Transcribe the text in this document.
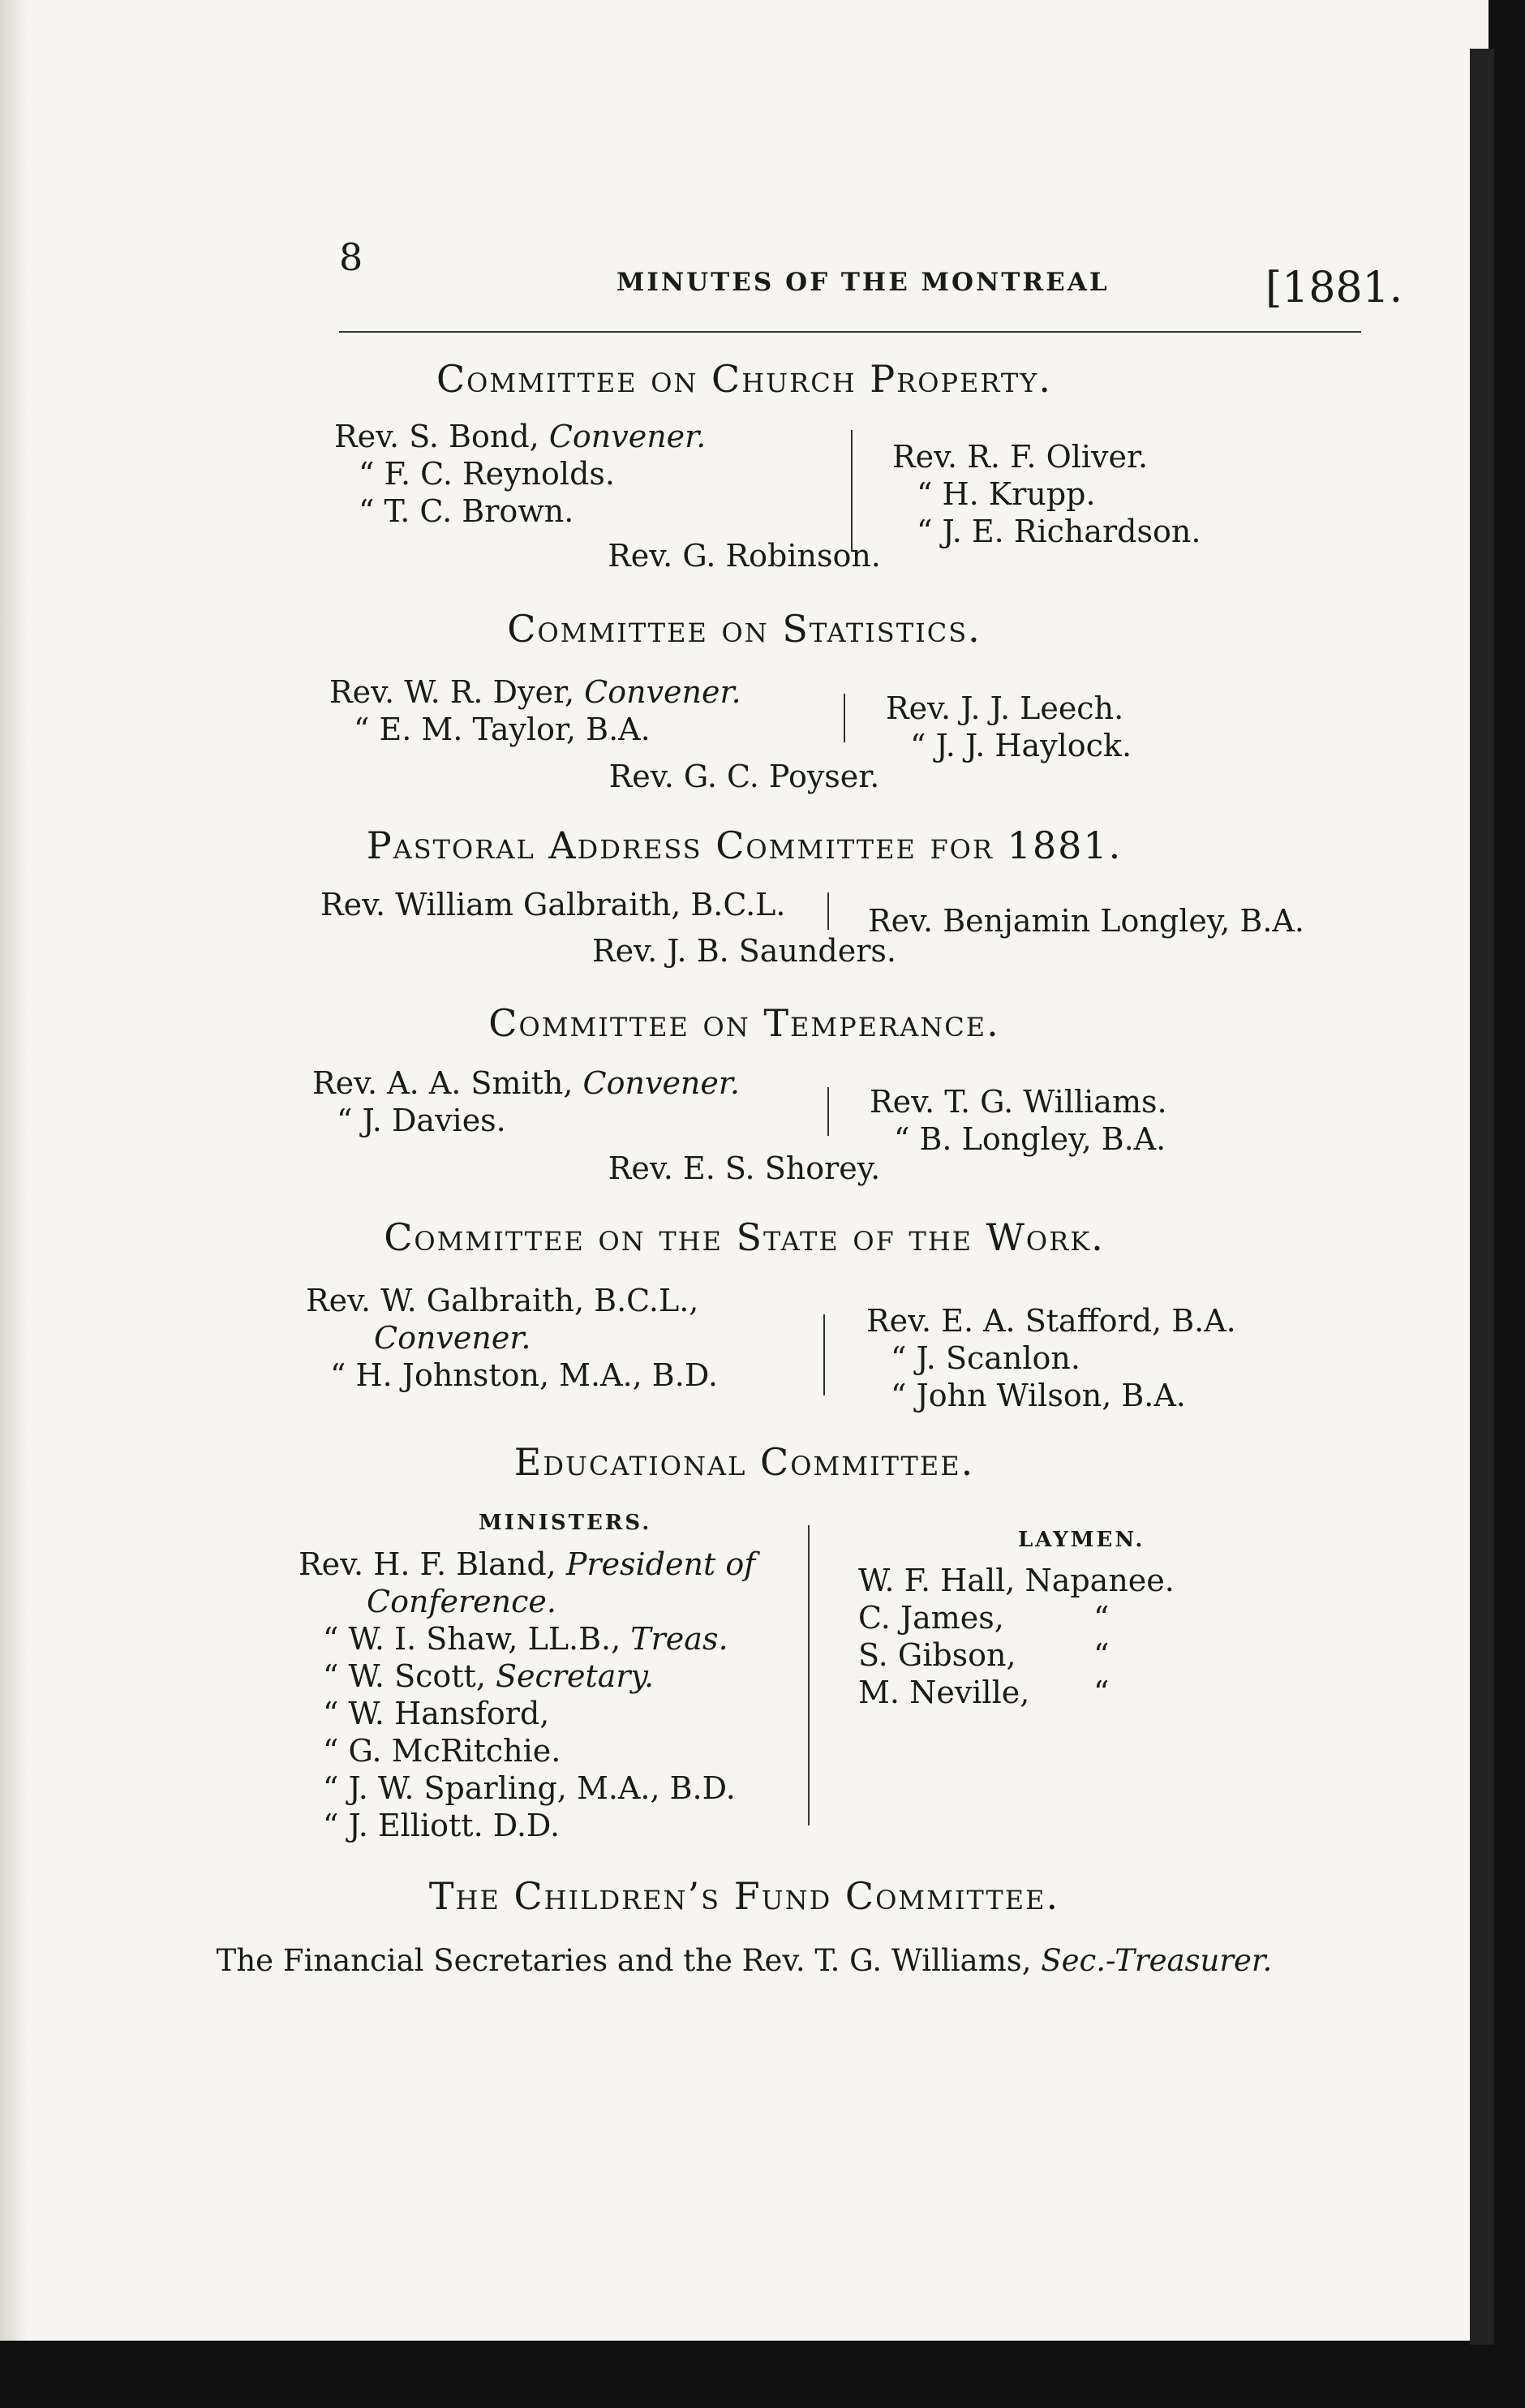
8
MINUTES OF THE MONTREAL	[1881.
Committee on Church Property.
Rev. S. Bond, Convener.
“ F. C. Reynolds.
“ T. C. Brown.
Rev. R. F. Oliver.
“ H. Krupp.
“ J. E. Richardson.
Rev. G. Robinson.
Committee on Statistics.
Rev. W. R. Dyer, Convener.
“ E. M. Taylor, B.A.
Rev. J. J. Leech.
“ J. J. Haylock.
Rev. G. C. Poyser.
Pastoral Address Committee for 1881.
Rev. William Galbraith, B.C.L.	Rev. Benjamin Longley, B.A.
Rev. J. B. Saunders.
Committee on Temperance.
Rev. A. A. Smith, Convener.
“ J. Davies.
Rev. T. G. Williams.
“ B. Longley, B.A.
Rev. E. S. Shorey.
Committee on the State of the Work.
Rev. W. Galbraith, B.C.L.,
Convener.
“ H. Johnston, M.A., B.D.
Rev. E. A. Stafford, B.A.
“ J. Scanlon.
“ John Wilson, B.A.
Educational Committee.
MINISTERS.
LAYMEN.
Rev. H. F. Bland, President of
Conference.
“ W. I. Shaw, LL.B., Treas.
“ W. Scott, Secretary.
“ W. Hansford,
“ G. McRitchie.
“ J. W. Sparling, M.A., B.D.
“ J. Elliott. D.D.
W. F. Hall, Napanee.
C. James,	“
S. Gibson,	“
M. Neville, “
The Children’s Fund Committee.
The Financial Secretaries and the Rev. T. G. Williams, Sec.-Treasurer.
